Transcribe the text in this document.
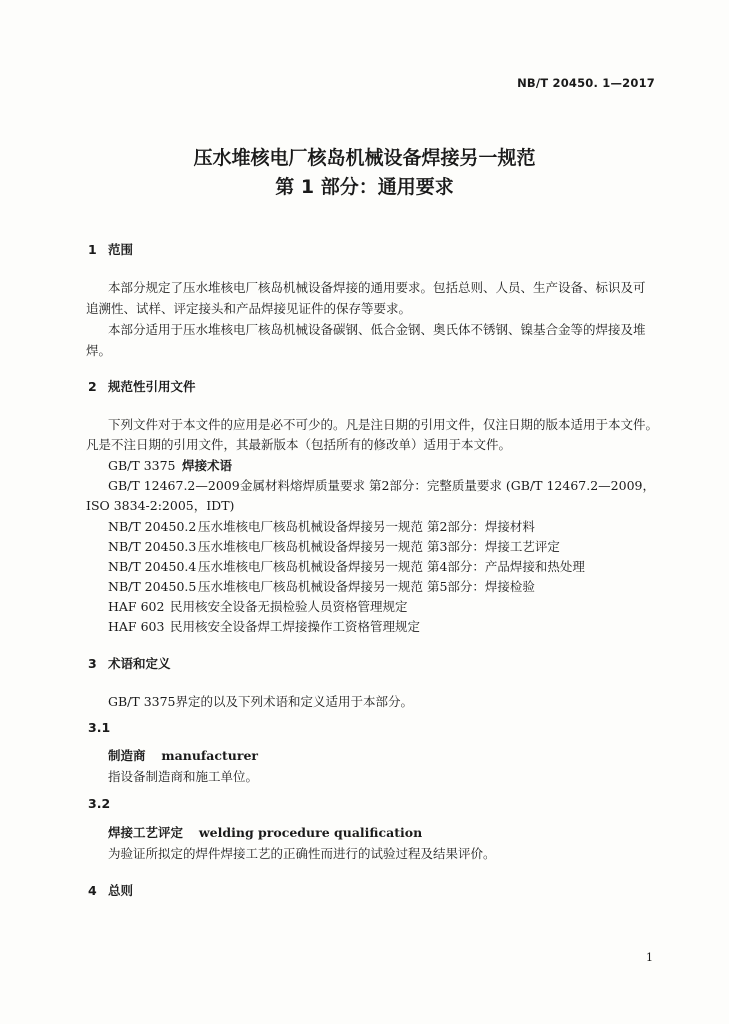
NB/T 20450. 1—2017
压水堆核电厂核岛机械设备焊接另一规范
第 1 部分：通用要求
1 范围
本部分规定了压水堆核电厂核岛机械设备焊接的通用要求。包括总则、人员、生产设备、标识及可
追溯性、试样、评定接头和产品焊接见证件的保存等要求。
本部分适用于压水堆核电厂核岛机械设备碳钢、低合金钢、奥氏体不锈钢、镍基合金等的焊接及堆
焊。
2 规范性引用文件
下列文件对于本文件的应用是必不可少的。凡是注日期的引用文件，仅注日期的版本适用于本文件。
凡是不注日期的引用文件，其最新版本（包括所有的修改单）适用于本文件。
GB/T 3375 焊接术语
GB/T 12467.2—2009金属材料熔焊质量要求 第2部分：完整质量要求 (GB/T 12467.2—2009，
ISO 3834-2:2005，IDT)
NB/T 20450.2 压水堆核电厂核岛机械设备焊接另一规范 第2部分：焊接材料
NB/T 20450.3 压水堆核电厂核岛机械设备焊接另一规范 第3部分：焊接工艺评定
NB/T 20450.4 压水堆核电厂核岛机械设备焊接另一规范 第4部分：产品焊接和热处理
NB/T 20450.5 压水堆核电厂核岛机械设备焊接另一规范 第5部分：焊接检验
HAF 602 民用核安全设备无损检验人员资格管理规定
HAF 603 民用核安全设备焊工焊接操作工资格管理规定
3 术语和定义
GB/T 3375界定的以及下列术语和定义适用于本部分。
3.1
制造商 manufacturer
指设备制造商和施工单位。
3.2
焊接工艺评定 welding procedure qualification
为验证所拟定的焊件焊接工艺的正确性而进行的试验过程及结果评价。
4 总则
1
